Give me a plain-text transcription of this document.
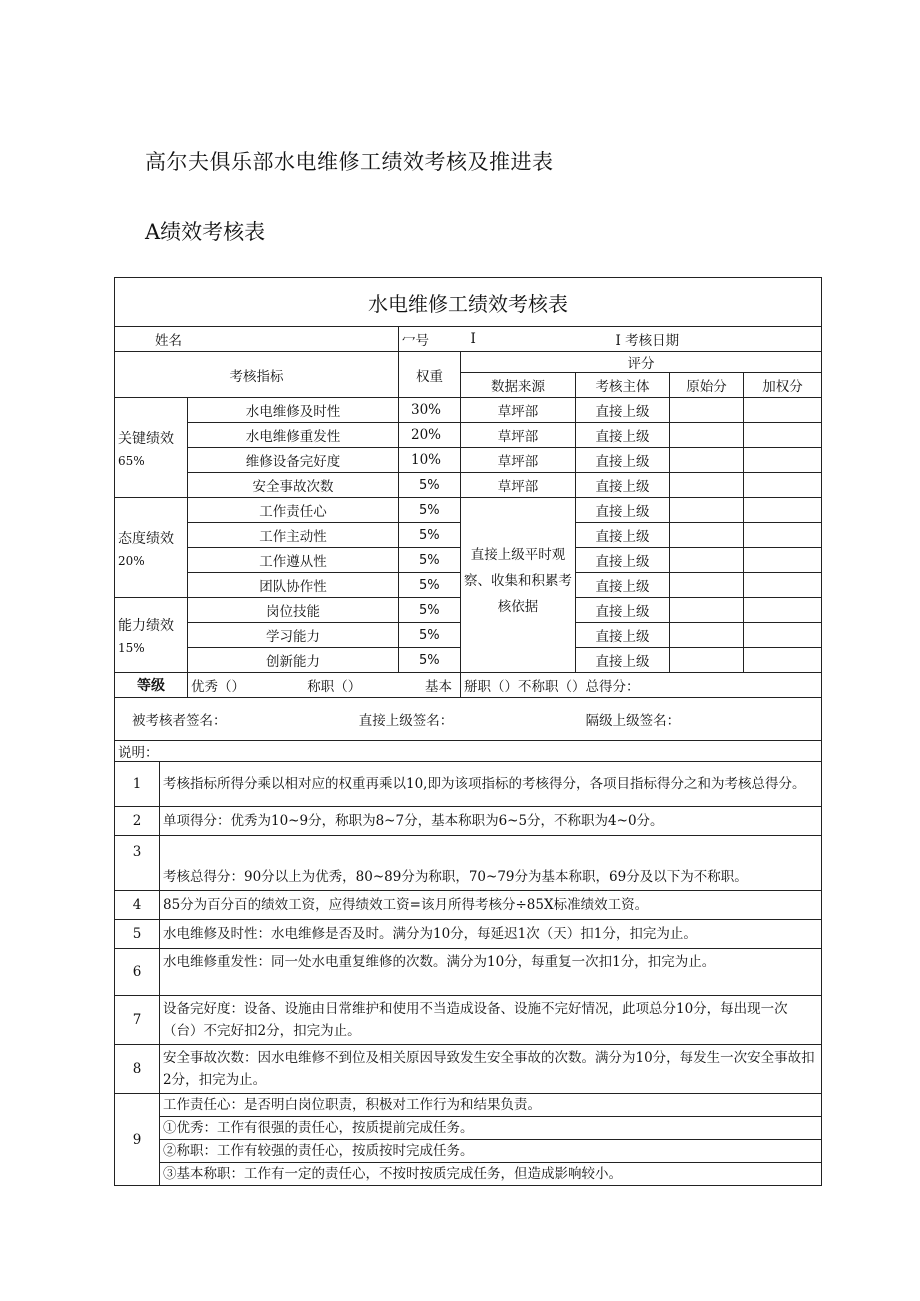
高尔夫俱乐部水电维修工绩效考核及推进表
A绩效考核表
水电维修工绩效考核表							
姓名			冖号	I	I 考核日期		
考核指标			权重	评分			
				数据来源	考核主体	原始分	加权分

关键绩效
65%		水电维修及时性	30%	草坪部	直接上级		
		水电维修重发性	20%	草坪部	直接上级		
		维修设备完好度	10%	草坪部	直接上级		
		安全事故次数	5%	草坪部	直接上级		

态度绩效
20%		工作责任心	5%	直接上级平时观察、收集和积累考核依据	直接上级		
		工作主动性	5%		直接上级		
		工作遵从性	5%		直接上级		
		团队协作性	5%		直接上级		

能力绩效
15%		岗位技能	5%		直接上级		
		学习能力	5%		直接上级		
		创新能力	5%		直接上级		
等级		优秀（） 称职（）	基本	掰职（）不称职（）总得分：			
被考核者签名： 直接上级签名： 隔级上级签名：							
说明：							
1	考核指标所得分乘以相对应的权重再乘以10,即为该项指标的考核得分，各项目指标得分之和为考核总得分。						
2	单项得分：优秀为10~9分，称职为8~7分，基本称职为6~5分，不称职为4~0分。						
3	考核总得分：90分以上为优秀，80~89分为称职，70~79分为基本称职，69分及以下为不称职。						
4	85分为百分百的绩效工资，应得绩效工资=该月所得考核分÷85X标准绩效工资。						
5	水电维修及时性：水电维修是否及时。满分为10分，每延迟1次（天）扣1分，扣完为止。						
6	水电维修重发性：同一处水电重复维修的次数。满分为10分，每重复一次扣1分，扣完为止。						
7	设备完好度：设备、设施由日常维护和使用不当造成设备、设施不完好情况，此项总分10分，每出现一次（台）不完好扣2分，扣完为止。						
8	安全事故次数：因水电维修不到位及相关原因导致发生安全事故的次数。满分为10分，每发生一次安全事故扣2分，扣完为止。						
9	工作责任心：是否明白岗位职责，积极对工作行为和结果负责。
①优秀：工作有很强的责任心，按质提前完成任务。
②称职：工作有较强的责任心，按质按时完成任务。
③基本称职：工作有一定的责任心，不按时按质完成任务，但造成影响较小。						
